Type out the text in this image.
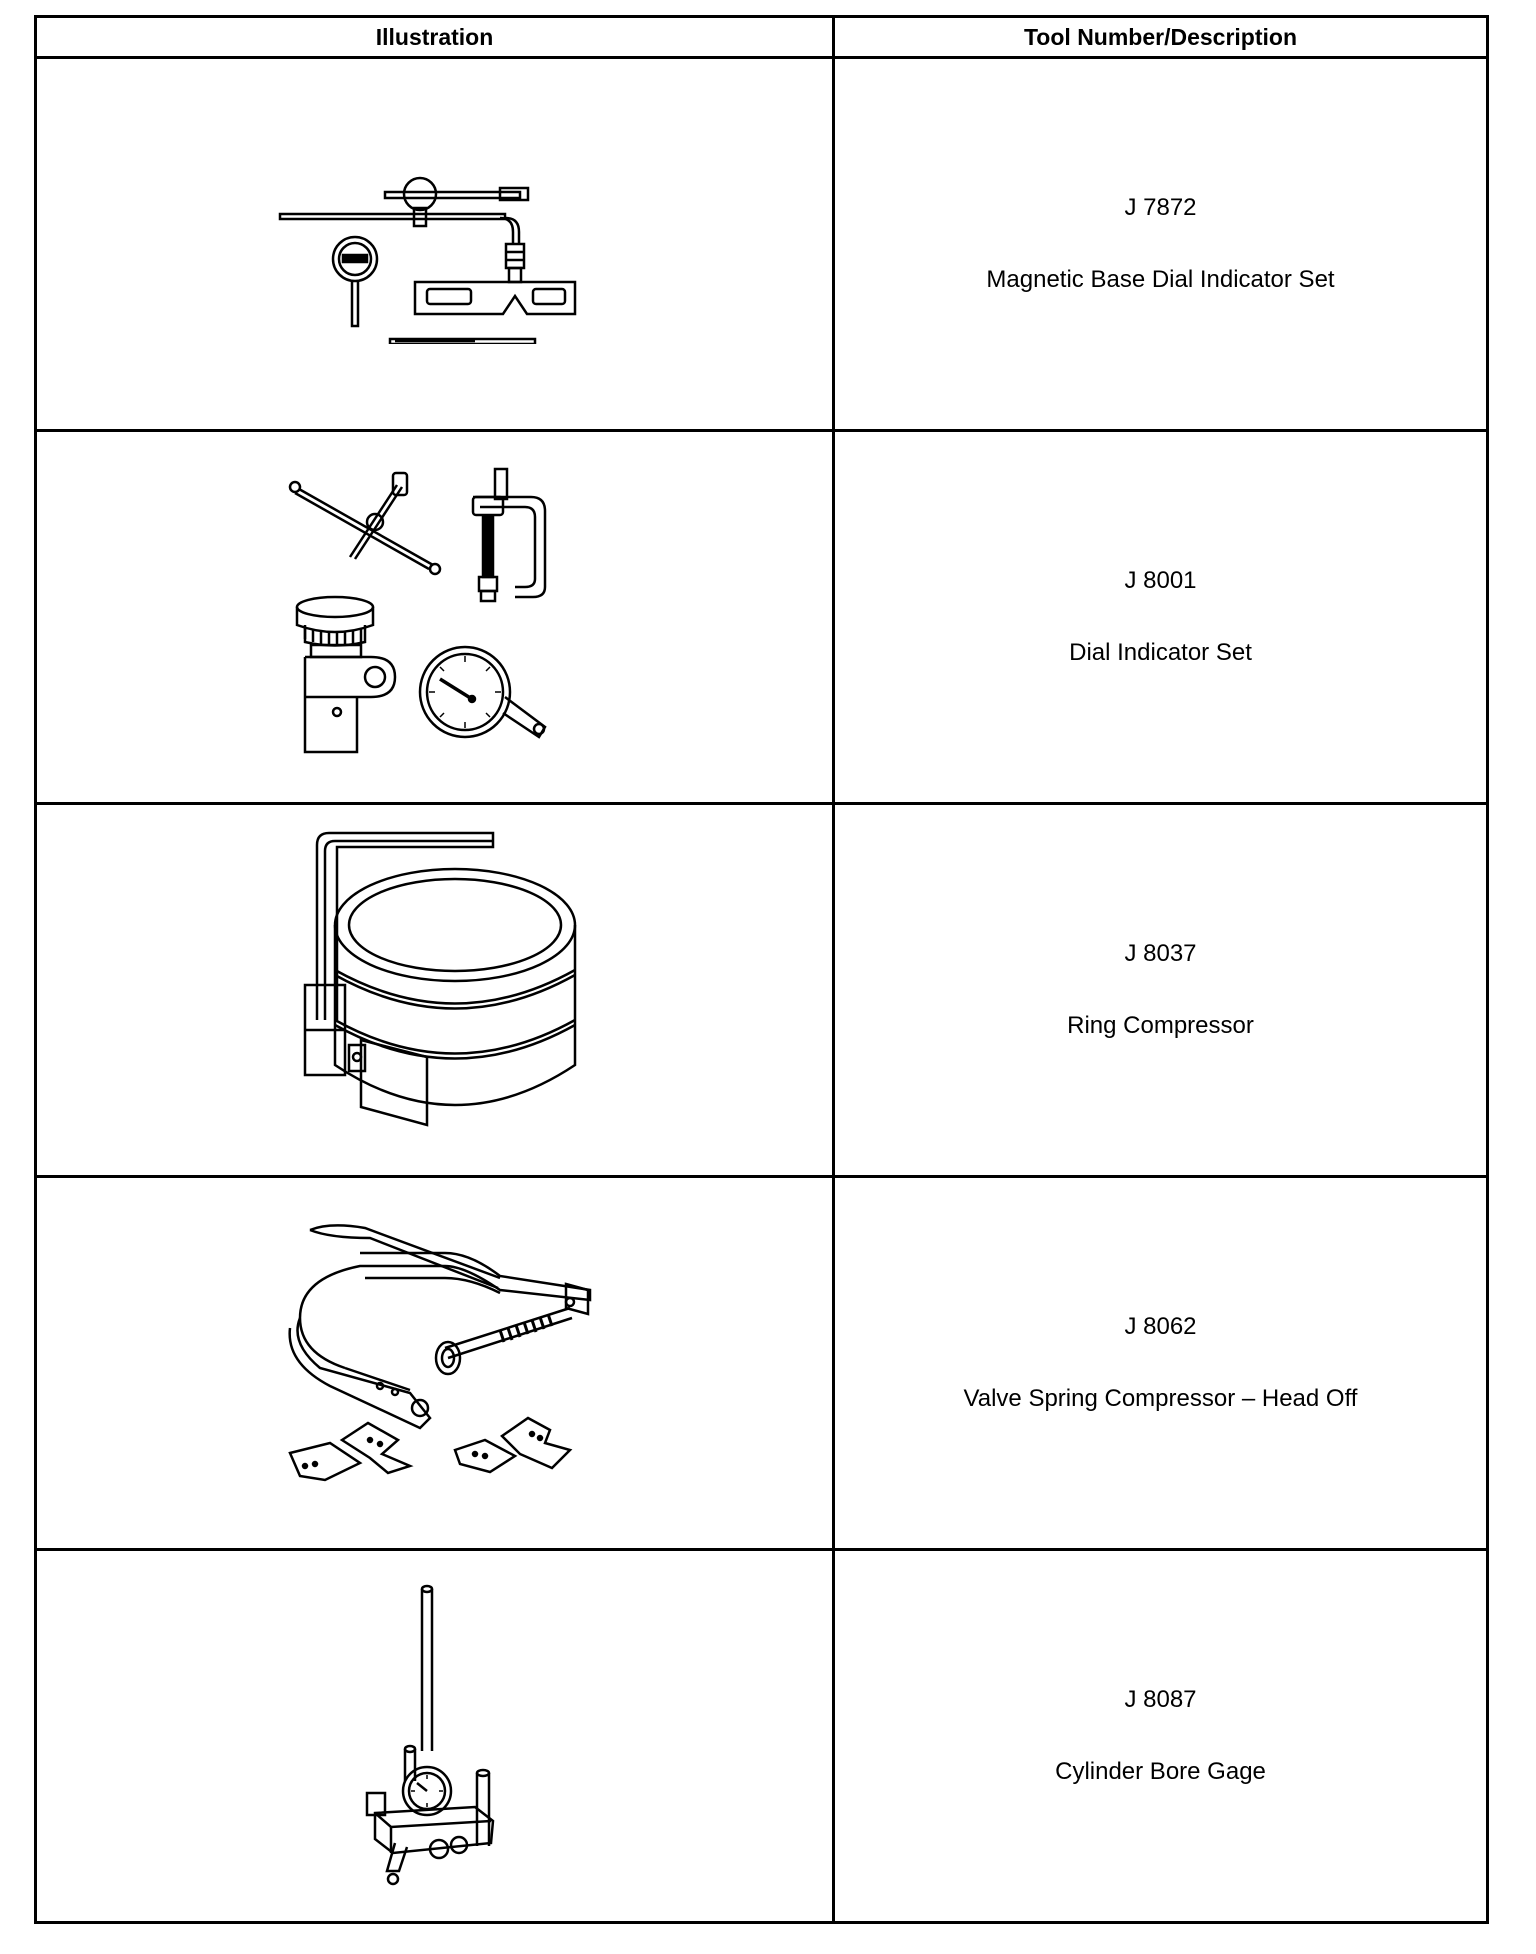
Illustration	Tool Number/Description

J 7872
Magnetic Base Dial Indicator Set

J 8001
Dial Indicator Set

J 8037
Ring Compressor

J 8062
Valve Spring Compressor – Head Off

J 8087
Cylinder Bore Gage
